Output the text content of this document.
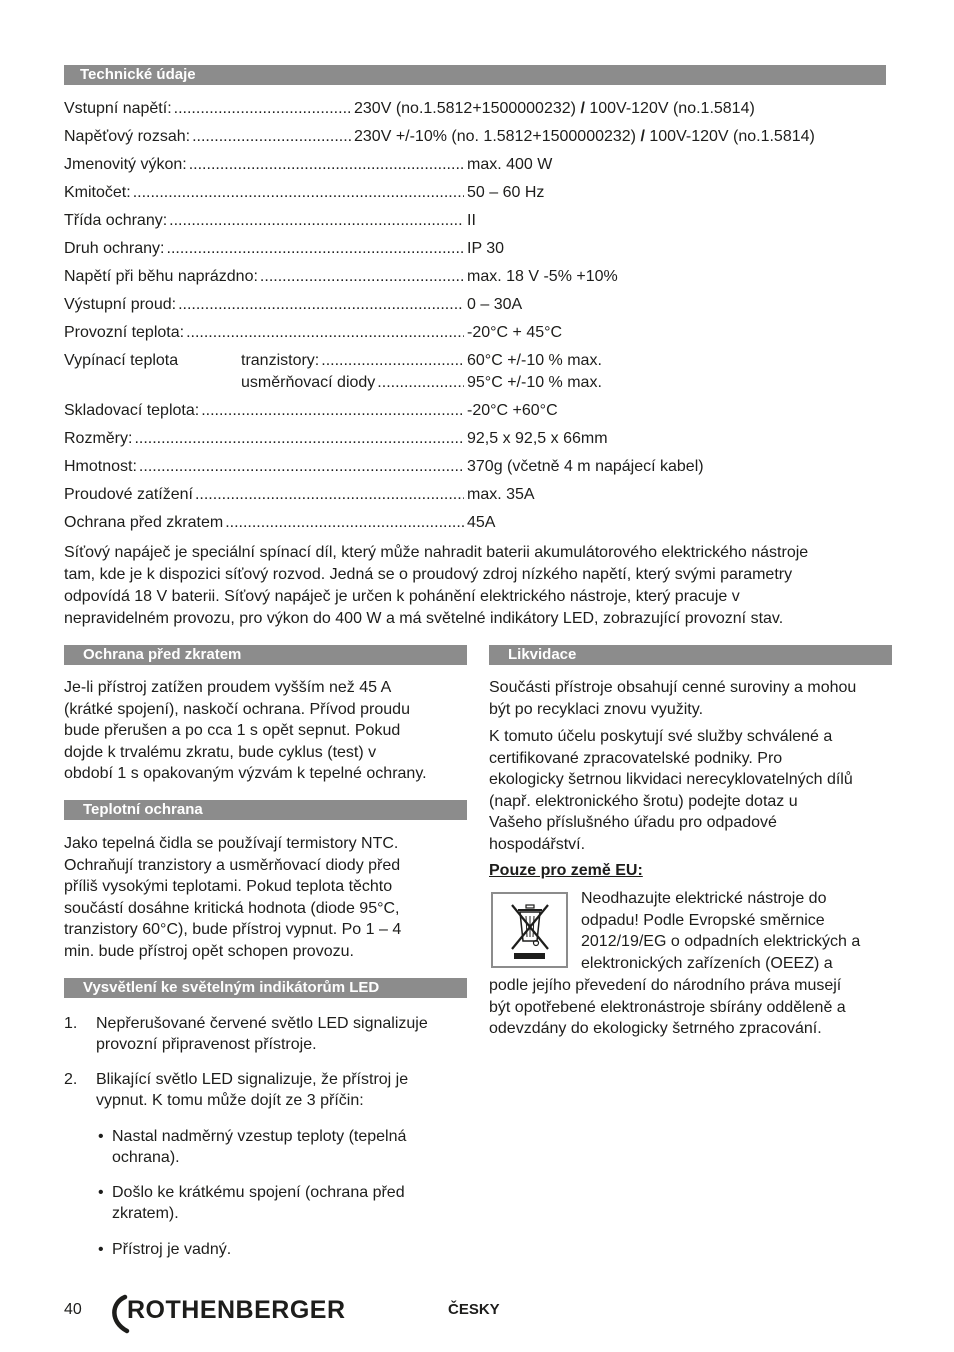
Technické údaje
Vstupní napětí: .....	230V (no.1.5812+1500000232) / 100V-120V (no.1.5814)
Napěťový rozsah: .....	230V +/-10% (no. 1.5812+1500000232) / 100V-120V (no.1.5814)
Jmenovitý výkon: .....	max. 400 W
Kmitočet: .....	50 – 60 Hz
Třída ochrany: .....	II
Druh ochrany: .....	IP 30
Napětí při běhu naprázdno: .....	max. 18 V -5% +10%
Výstupní proud: .....	0 – 30A
Provozní teplota: .....	-20°C + 45°C
Vypínací teplota	tranzistory: .....	60°C +/-10 % max.
usměrňovací diody .....	95°C +/-10 % max.
Skladovací teplota: .....	-20°C +60°C
Rozměry: .....	92,5 x 92,5 x 66mm
Hmotnost: .....	370g (včetně 4 m napájecí kabel)
Proudové zatížení .....	max. 35A
Ochrana před zkratem .....	45A
Síťový napáječ je speciální spínací díl, který může nahradit baterii akumulátorového elektrického nástroje
tam, kde je k dispozici síťový rozvod. Jedná se o proudový zdroj nízkého napětí, který svými parametry
odpovídá 18 V baterii. Síťový napáječ je určen k pohánění elektrického nástroje, který pracuje v
nepravidelném provozu, pro výkon do 400 W a má světelné indikátory LED, zobrazující provozní stav.
Ochrana před zkratem
Je-li přístroj zatížen proudem vyšším než 45 A
(krátké spojení), naskočí ochrana. Přívod proudu
bude přerušen a po cca 1 s opět sepnut. Pokud
dojde k trvalému zkratu, bude cyklus (test) v
období 1 s opakovaným výzvám k tepelné ochrany.
Teplotní ochrana
Jako tepelná čidla se používají termistory NTC.
Ochraňují tranzistory a usměrňovací diody před
příliš vysokými teplotami. Pokud teplota těchto
součástí dosáhne kritická hodnota (diode 95°C,
tranzistory 60°C), bude přístroj vypnut. Po 1 – 4
min. bude přístroj opět schopen provozu.
Vysvětlení ke světelným indikátorům LED
1. Nepřerušované červené světlo LED signalizuje
provozní připravenost přístroje.
2. Blikající světlo LED signalizuje, že přístroj je
vypnut. K tomu může dojít ze 3 příčin:
• Nastal nadměrný vzestup teploty (tepelná
ochrana).
• Došlo ke krátkému spojení (ochrana před
zkratem).
• Přístroj je vadný.
Likvidace
Součásti přístroje obsahují cenné suroviny a mohou
být po recyklaci znovu využity.
K tomuto účelu poskytují své služby schválené a
certifikované zpracovatelské podniky. Pro
ekologicky šetrnou likvidaci nerecyklovatelných dílů
(např. elektronického šrotu) podejte dotaz u
Vašeho příslušného úřadu pro odpadové
hospodářství.
Pouze pro země EU:
Neodhazujte elektrické nástroje do
odpadu! Podle Evropské směrnice
2012/19/EG o odpadních elektrických a
elektronických zařízeních (OEEZ) a
podle jejího převedení do národního práva musejí
být opotřebené elektronástroje sbírány odděleně a
odevzdány do ekologicky šetrného zpracování.
40 ROTHENBERGER	ČESKY
